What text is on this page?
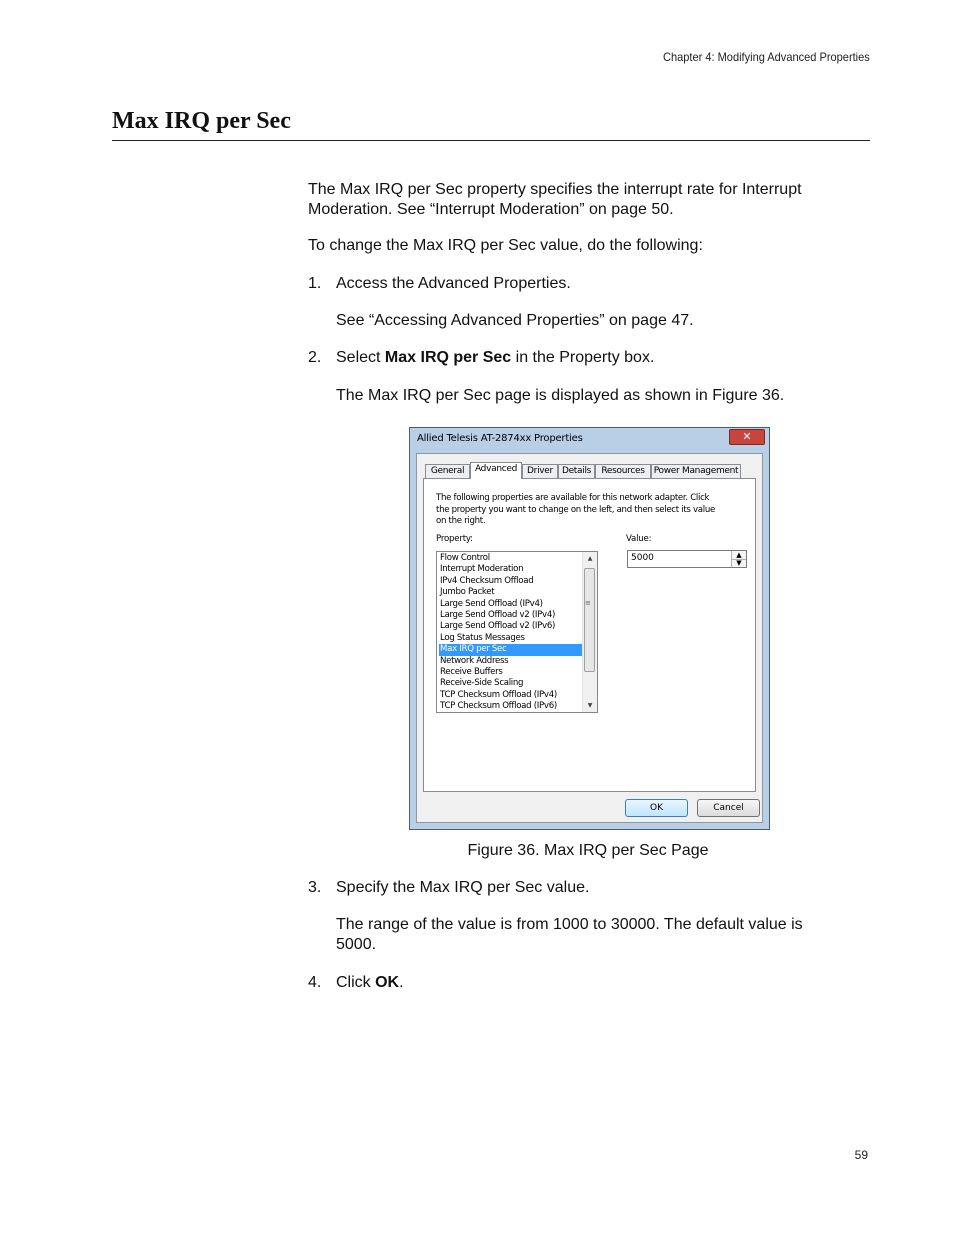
Chapter 4: Modifying Advanced Properties
Max IRQ per Sec
The Max IRQ per Sec property specifies the interrupt rate for Interrupt
Moderation. See “Interrupt Moderation” on page 50.
To change the Max IRQ per Sec value, do the following:
1. Access the Advanced Properties.
See “Accessing Advanced Properties” on page 47.
2. Select Max IRQ per Sec in the Property box.
The Max IRQ per Sec page is displayed as shown in Figure 36.
Allied Telesis AT-2874xx Properties	✕
General	Advanced	Driver Details	Resources	Power Management
The following properties are available for this network adapter. Click
the property you want to change on the left, and then select its value
on the right.
Property:	Value:
Flow Control
Interrupt Moderation
IPv4 Checksum Offload
Jumbo Packet
Large Send Offload (IPv4)
Large Send Offload v2 (IPv4)
Large Send Offload v2 (IPv6)
Log Status Messages
Max IRQ per Sec
Network Address
Receive Buffers
Receive-Side Scaling
TCP Checksum Offload (IPv4)
TCP Checksum Offload (IPv6)
▲
≡
▼
5000	▲
▼
OK	Cancel
Figure 36. Max IRQ per Sec Page
3. Specify the Max IRQ per Sec value.
The range of the value is from 1000 to 30000. The default value is
5000.
4. Click OK.
59
